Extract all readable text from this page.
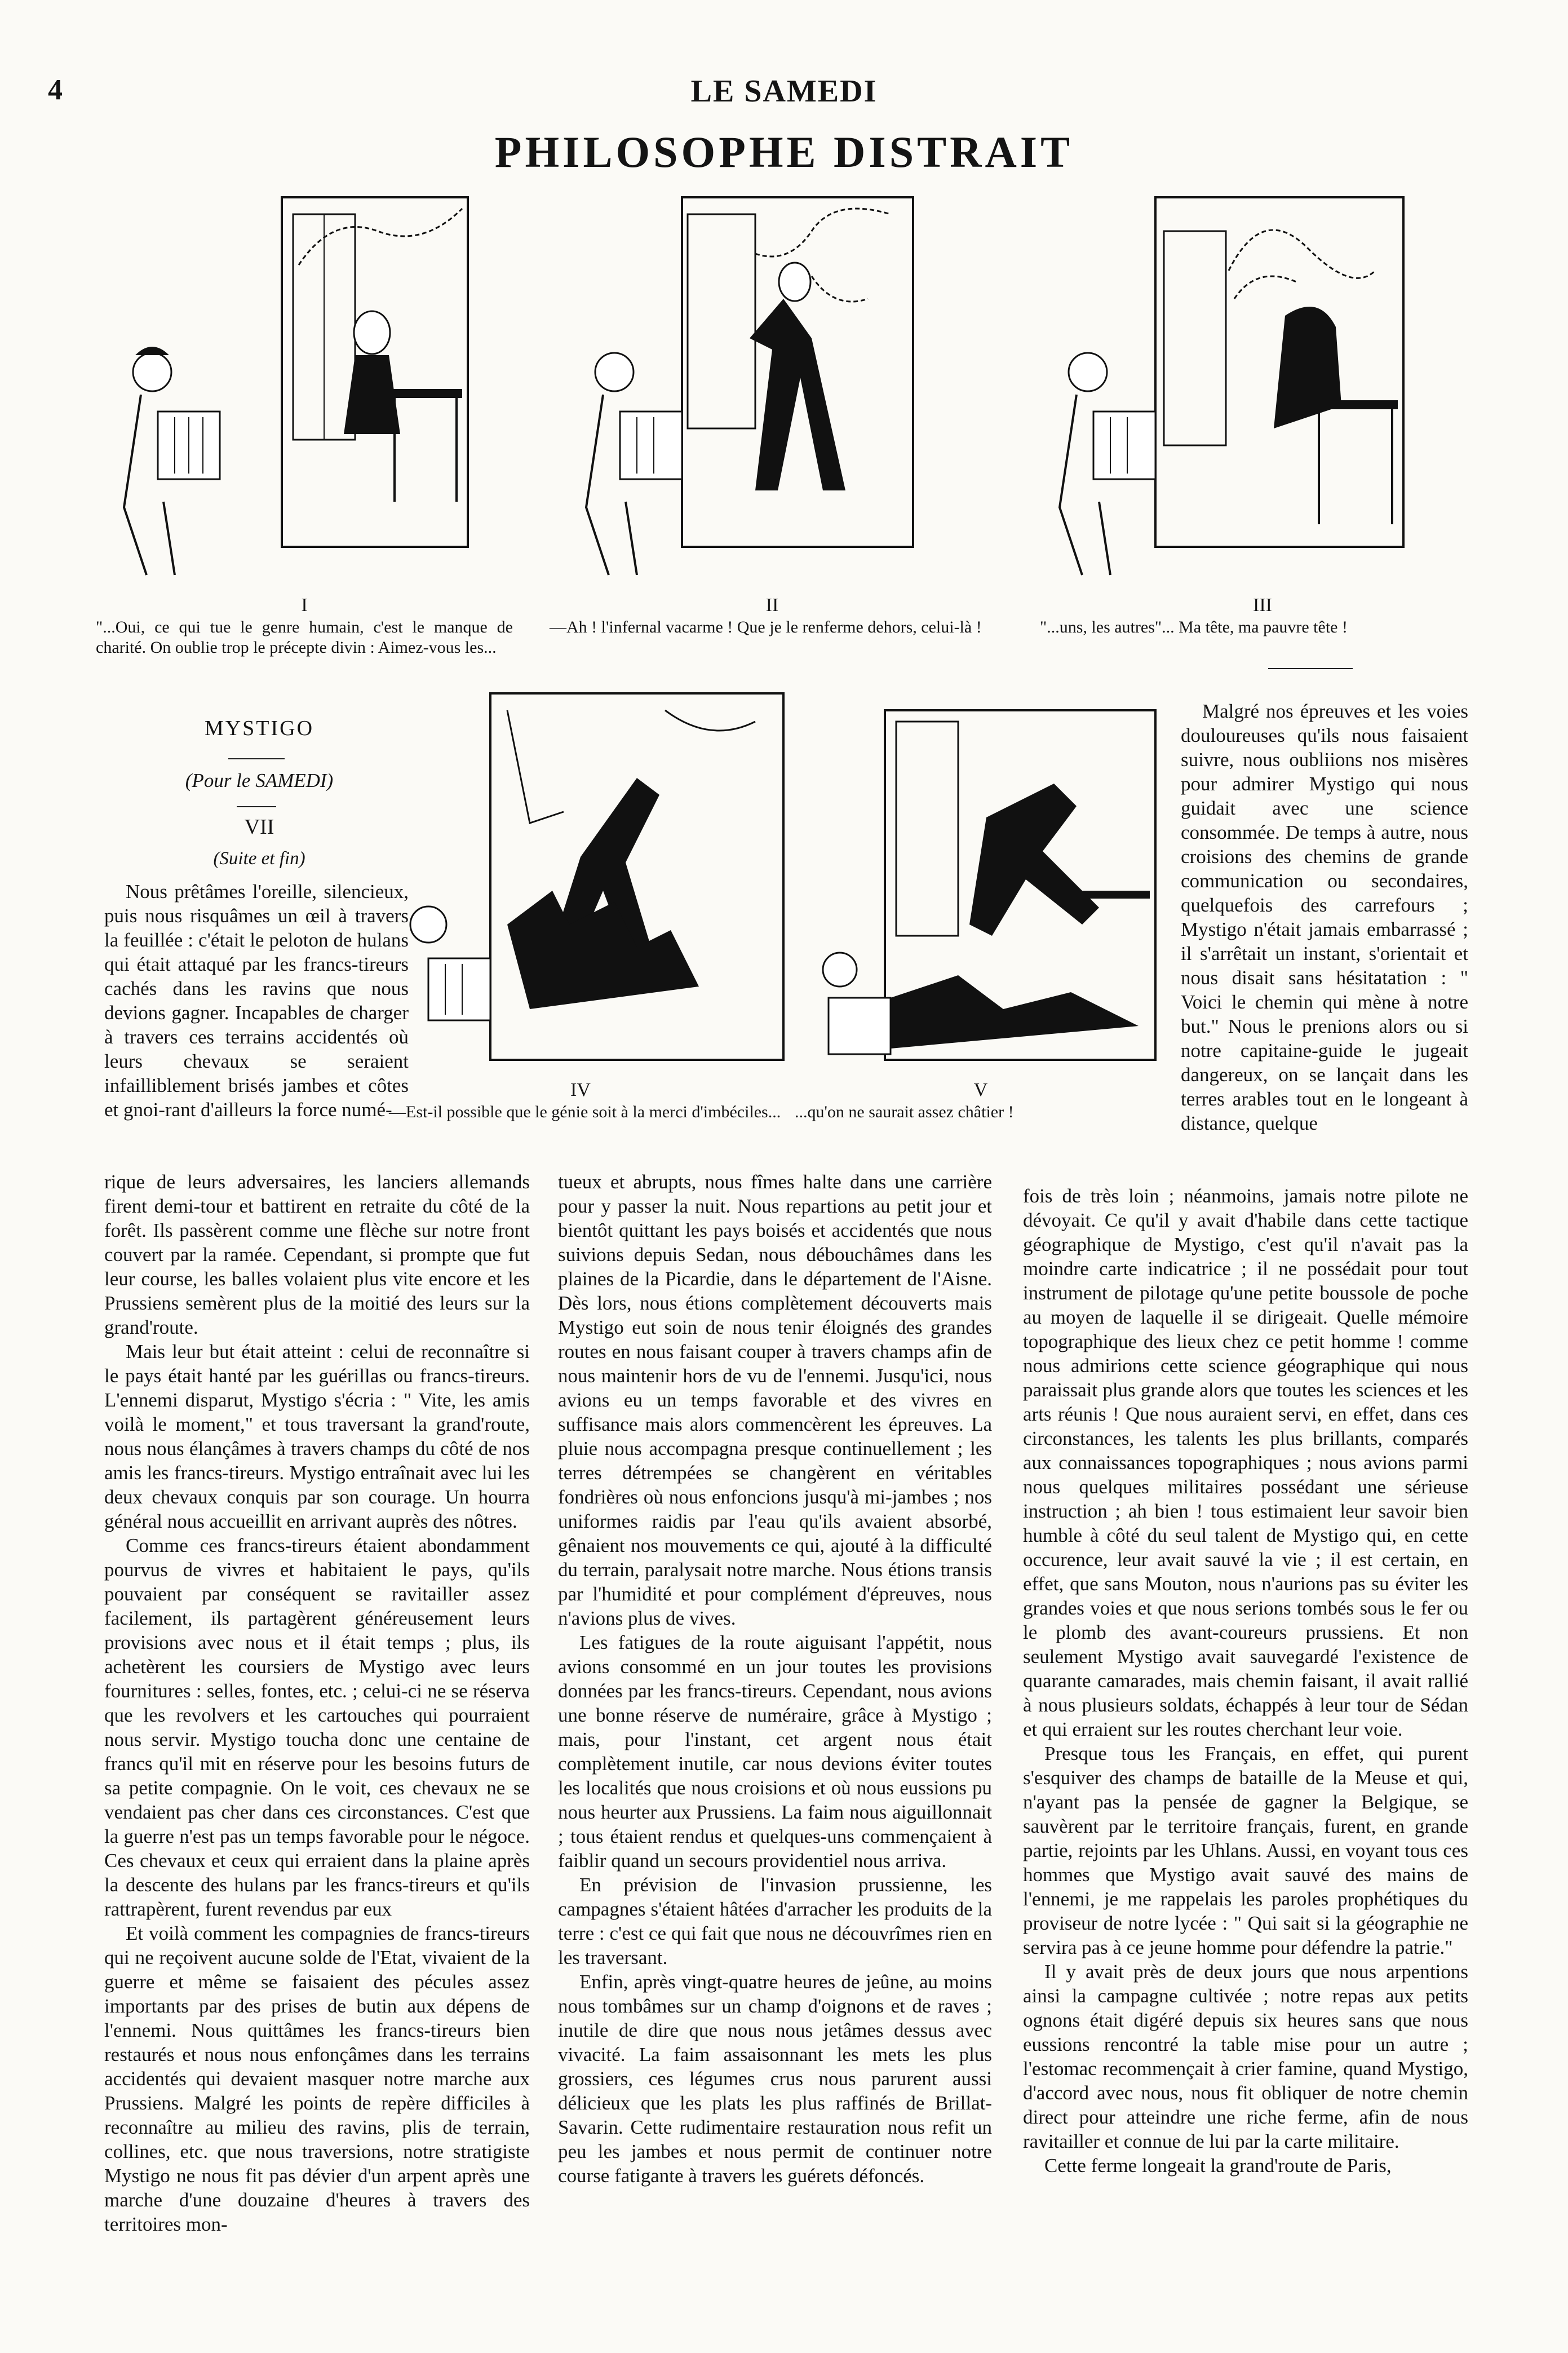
4	LE SAMEDI
PHILOSOPHE DISTRAIT
I
"...Oui, ce qui tue le genre humain, c'est le manque de charité. On oublie trop le précepte divin : Aimez-vous les...
II
—Ah ! l'infernal vacarme ! Que je le renferme dehors, celui-là !
III
"...uns, les autres"... Ma tête, ma pauvre tête !
IV
—Est-il possible que le génie soit à la merci d'imbéciles...
V
...qu'on ne saurait assez châtier !
MYSTIGO
(Pour le SAMEDI)
VII
(Suite et fin)

Nous prêtâmes l'oreille, silencieux, puis nous risquâmes un œil à travers la feuillée : c'était le peloton de hulans qui était attaqué par les francs-tireurs cachés dans les ravins que nous devions gagner. Incapables de charger à travers ces terrains accidentés où leurs chevaux se seraient infailliblement brisés jambes et côtes et gnoi-rant d'ailleurs la force numé-

rique de leurs adversaires, les lanciers allemands firent demi-tour et battirent en retraite du côté de la forêt. Ils passèrent comme une flèche sur notre front couvert par la ramée. Cependant, si prompte que fut leur course, les balles volaient plus vite encore et les Prussiens semèrent plus de la moitié des leurs sur la grand'route.

Mais leur but était atteint : celui de reconnaître si le pays était hanté par les guérillas ou francs-tireurs. L'ennemi disparut, Mystigo s'écria : " Vite, les amis voilà le moment," et tous traversant la grand'route, nous nous élançâmes à travers champs du côté de nos amis les francs-tireurs. Mystigo entraînait avec lui les deux chevaux conquis par son courage. Un hourra général nous accueillit en arrivant auprès des nôtres.

Comme ces francs-tireurs étaient abondamment pourvus de vivres et habitaient le pays, qu'ils pouvaient par conséquent se ravitailler assez facilement, ils partagèrent généreusement leurs provisions avec nous et il était temps ; plus, ils achetèrent les coursiers de Mystigo avec leurs fournitures : selles, fontes, etc. ; celui-ci ne se réserva que les revolvers et les cartouches qui pourraient nous servir. Mystigo toucha donc une centaine de francs qu'il mit en réserve pour les besoins futurs de sa petite compagnie. On le voit, ces chevaux ne se vendaient pas cher dans ces circonstances. C'est que la guerre n'est pas un temps favorable pour le négoce. Ces chevaux et ceux qui erraient dans la plaine après la descente des hulans par les francs-tireurs et qu'ils rattrapèrent, furent revendus par eux

Et voilà comment les compagnies de francs-tireurs qui ne reçoivent aucune solde de l'Etat, vivaient de la guerre et même se faisaient des pécules assez importants par des prises de butin aux dépens de l'ennemi. Nous quittâmes les francs-tireurs bien restaurés et nous nous enfonçâmes dans les terrains accidentés qui devaient masquer notre marche aux Prussiens. Malgré les points de repère difficiles à reconnaître au milieu des ravins, plis de terrain, collines, etc. que nous traversions, notre stratigiste Mystigo ne nous fit pas dévier d'un arpent après une marche d'une douzaine d'heures à travers des territoires mon-

tueux et abrupts, nous fîmes halte dans une carrière pour y passer la nuit. Nous repartions au petit jour et bientôt quittant les pays boisés et accidentés que nous suivions depuis Sedan, nous débouchâmes dans les plaines de la Picardie, dans le département de l'Aisne. Dès lors, nous étions complètement découverts mais Mystigo eut soin de nous tenir éloignés des grandes routes en nous faisant couper à travers champs afin de nous maintenir hors de vu de l'ennemi. Jusqu'ici, nous avions eu un temps favorable et des vivres en suffisance mais alors commencèrent les épreuves. La pluie nous accompagna presque continuellement ; les terres détrempées se changèrent en véritables fondrières où nous enfoncions jusqu'à mi-jambes ; nos uniformes raidis par l'eau qu'ils avaient absorbé, gênaient nos mouvements ce qui, ajouté à la difficulté du terrain, paralysait notre marche. Nous étions transis par l'humidité et pour complément d'épreuves, nous n'avions plus de vives.

Les fatigues de la route aiguisant l'appétit, nous avions consommé en un jour toutes les provisions données par les francs-tireurs. Cependant, nous avions une bonne réserve de numéraire, grâce à Mystigo ; mais, pour l'instant, cet argent nous était complètement inutile, car nous devions éviter toutes les localités que nous croisions et où nous eussions pu nous heurter aux Prussiens. La faim nous aiguillonnait ; tous étaient rendus et quelques-uns commençaient à faiblir quand un secours providentiel nous arriva.

En prévision de l'invasion prussienne, les campagnes s'étaient hâtées d'arracher les produits de la terre : c'est ce qui fait que nous ne découvrîmes rien en les traversant.

Enfin, après vingt-quatre heures de jeûne, au moins nous tombâmes sur un champ d'oignons et de raves ; inutile de dire que nous nous jetâmes dessus avec vivacité. La faim assaisonnant les mets les plus grossiers, ces légumes crus nous parurent aussi délicieux que les plats les plus raffinés de Brillat-Savarin. Cette rudimentaire restauration nous refit un peu les jambes et nous permit de continuer notre course fatigante à travers les guérets défoncés.

Malgré nos épreuves et les voies douloureuses qu'ils nous faisaient suivre, nous oubliions nos misères pour admirer Mystigo qui nous guidait avec une science consommée. De temps à autre, nous croisions des chemins de grande communication ou secondaires, quelquefois des carrefours ; Mystigo n'était jamais embarrassé ; il s'arrêtait un instant, s'orientait et nous disait sans hésitatation : " Voici le chemin qui mène à notre but." Nous le prenions alors ou si notre capitaine-guide le jugeait dangereux, on se lançait dans les terres arables tout en le longeant à distance, quelque

fois de très loin ; néanmoins, jamais notre pilote ne dévoyait. Ce qu'il y avait d'habile dans cette tactique géographique de Mystigo, c'est qu'il n'avait pas la moindre carte indicatrice ; il ne possédait pour tout instrument de pilotage qu'une petite boussole de poche au moyen de laquelle il se dirigeait. Quelle mémoire topographique des lieux chez ce petit homme ! comme nous admirions cette science géographique qui nous paraissait plus grande alors que toutes les sciences et les arts réunis ! Que nous auraient servi, en effet, dans ces circonstances, les talents les plus brillants, comparés aux connaissances topographiques ; nous avions parmi nous quelques militaires possédant une sérieuse instruction ; ah bien ! tous estimaient leur savoir bien humble à côté du seul talent de Mystigo qui, en cette occurence, leur avait sauvé la vie ; il est certain, en effet, que sans Mouton, nous n'aurions pas su éviter les grandes voies et que nous serions tombés sous le fer ou le plomb des avant-coureurs prussiens. Et non seulement Mystigo avait sauvegardé l'existence de quarante camarades, mais chemin faisant, il avait rallié à nous plusieurs soldats, échappés à leur tour de Sédan et qui erraient sur les routes cherchant leur voie.

Presque tous les Français, en effet, qui purent s'esquiver des champs de bataille de la Meuse et qui, n'ayant pas la pensée de gagner la Belgique, se sauvèrent par le territoire français, furent, en grande partie, rejoints par les Uhlans. Aussi, en voyant tous ces hommes que Mystigo avait sauvé des mains de l'ennemi, je me rappelais les paroles prophétiques du proviseur de notre lycée : " Qui sait si la géographie ne servira pas à ce jeune homme pour défendre la patrie."

Il y avait près de deux jours que nous arpentions ainsi la campagne cultivée ; notre repas aux petits ognons était digéré depuis six heures sans que nous eussions rencontré la table mise pour un autre ; l'estomac recommençait à crier famine, quand Mystigo, d'accord avec nous, nous fit obliquer de notre chemin direct pour atteindre une riche ferme, afin de nous ravitailler et connue de lui par la carte militaire.

Cette ferme longeait la grand'route de Paris,
